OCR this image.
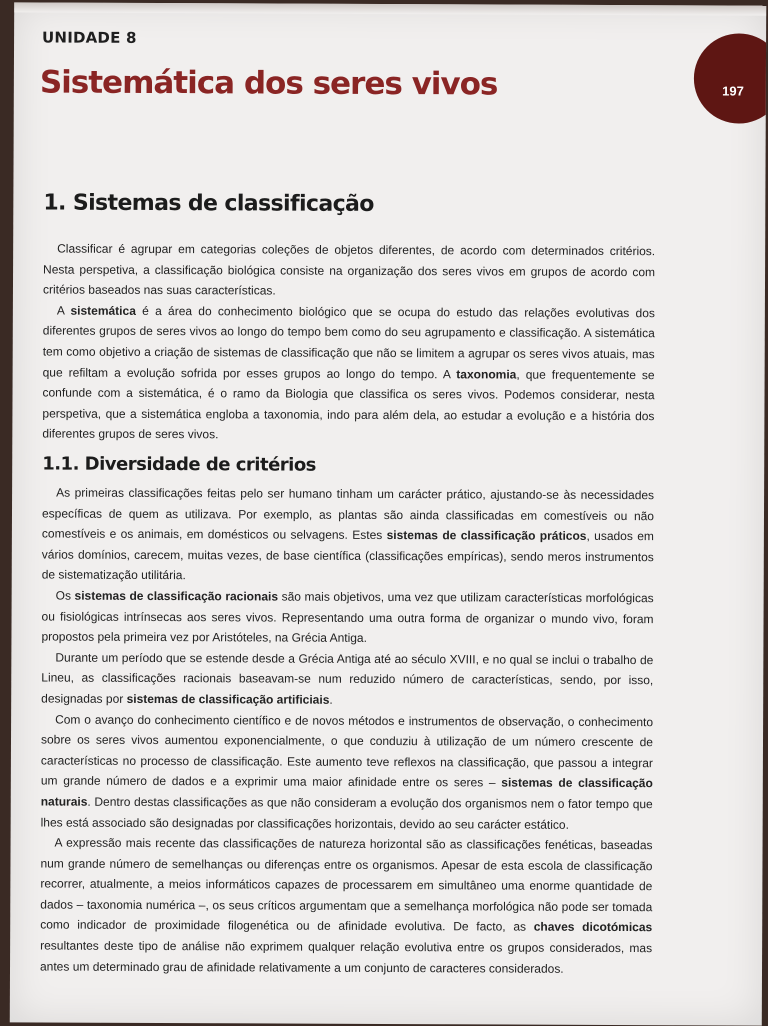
UNIDADE 8
Sistemática dos seres vivos	197
1. Sistemas de classificação

Classificar é agrupar em categorias coleções de objetos diferentes, de acordo com determinados critérios. Nesta perspetiva, a classificação biológica consiste na organização dos seres vivos em grupos de acordo com critérios baseados nas suas características.

A sistemática é a área do conhecimento biológico que se ocupa do estudo das relações evolutivas dos diferentes grupos de seres vivos ao longo do tempo bem como do seu agrupamento e classificação. A sistemática tem como objetivo a criação de sistemas de classificação que não se limitem a agrupar os seres vivos atuais, mas que refiltam a evolução sofrida por esses grupos ao longo do tempo. A taxonomia, que frequentemente se confunde com a sistemática, é o ramo da Biologia que classifica os seres vivos. Podemos considerar, nesta perspetiva, que a sistemática engloba a taxonomia, indo para além dela, ao estudar a evolução e a história dos diferentes grupos de seres vivos.

1.1. Diversidade de critérios

As primeiras classificações feitas pelo ser humano tinham um carácter prático, ajustando-se às necessidades específicas de quem as utilizava. Por exemplo, as plantas são ainda classificadas em comestíveis ou não comestíveis e os animais, em domésticos ou selvagens. Estes sistemas de classificação práticos, usados em vários domínios, carecem, muitas vezes, de base científica (classificações empíricas), sendo meros instrumentos de sistematização utilitária.

Os sistemas de classificação racionais são mais objetivos, uma vez que utilizam características morfológicas ou fisiológicas intrínsecas aos seres vivos. Representando uma outra forma de organizar o mundo vivo, foram propostos pela primeira vez por Aristóteles, na Grécia Antiga.

Durante um período que se estende desde a Grécia Antiga até ao século XVIII, e no qual se inclui o trabalho de Lineu, as classificações racionais baseavam-se num reduzido número de características, sendo, por isso, designadas por sistemas de classificação artificiais.

Com o avanço do conhecimento científico e de novos métodos e instrumentos de observação, o conhecimento sobre os seres vivos aumentou exponencialmente, o que conduziu à utilização de um número crescente de características no processo de classificação. Este aumento teve reflexos na classificação, que passou a integrar um grande número de dados e a exprimir uma maior afinidade entre os seres – sistemas de classificação naturais. Dentro destas classificações as que não consideram a evolução dos organismos nem o fator tempo que lhes está associado são designadas por classificações horizontais, devido ao seu carácter estático.

A expressão mais recente das classificações de natureza horizontal são as classificações fenéticas, baseadas num grande número de semelhanças ou diferenças entre os organismos. Apesar de esta escola de classificação recorrer, atualmente, a meios informáticos capazes de processarem em simultâneo uma enorme quantidade de dados – taxonomia numérica –, os seus críticos argumentam que a semelhança morfológica não pode ser tomada como indicador de proximidade filogenética ou de afinidade evolutiva. De facto, as chaves dicotómicas resultantes deste tipo de análise não exprimem qualquer relação evolutiva entre os grupos considerados, mas antes um determinado grau de afinidade relativamente a um conjunto de caracteres considerados.
